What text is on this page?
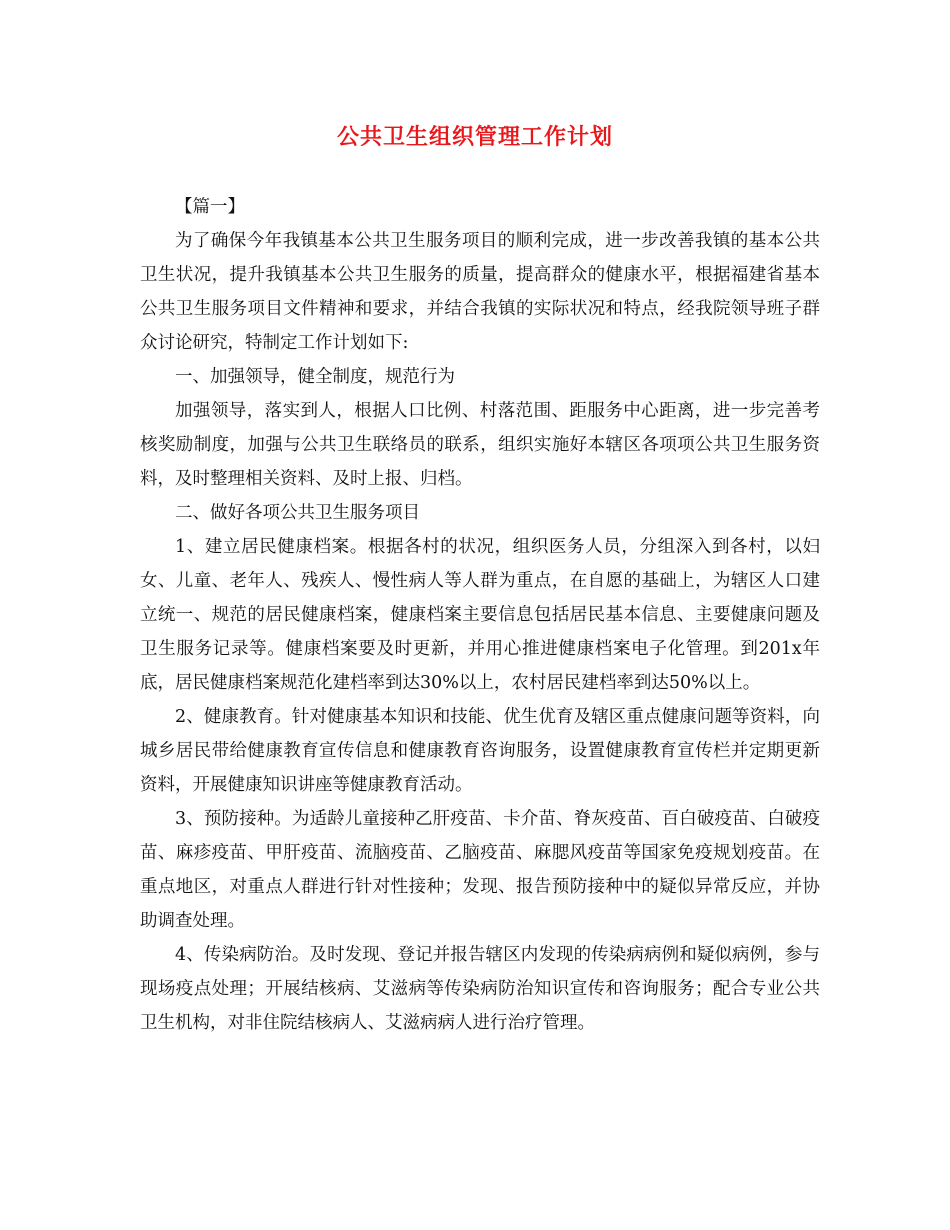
公共卫生组织管理工作计划

【篇一】

为了确保今年我镇基本公共卫生服务项目的顺利完成，进一步改善我镇的基本公共卫生状况，提升我镇基本公共卫生服务的质量，提高群众的健康水平，根据福建省基本公共卫生服务项目文件精神和要求，并结合我镇的实际状况和特点，经我院领导班子群众讨论研究，特制定工作计划如下:

一、加强领导，健全制度，规范行为

加强领导，落实到人，根据人口比例、村落范围、距服务中心距离，进一步完善考核奖励制度，加强与公共卫生联络员的联系，组织实施好本辖区各项项公共卫生服务资料，及时整理相关资料、及时上报、归档。

二、做好各项公共卫生服务项目

1、建立居民健康档案。根据各村的状况，组织医务人员，分组深入到各村，以妇女、儿童、老年人、残疾人、慢性病人等人群为重点，在自愿的基础上，为辖区人口建立统一、规范的居民健康档案，健康档案主要信息包括居民基本信息、主要健康问题及卫生服务记录等。健康档案要及时更新，并用心推进健康档案电子化管理。到201x年底，居民健康档案规范化建档率到达30%以上，农村居民建档率到达50%以上。

2、健康教育。针对健康基本知识和技能、优生优育及辖区重点健康问题等资料，向城乡居民带给健康教育宣传信息和健康教育咨询服务，设置健康教育宣传栏并定期更新资料，开展健康知识讲座等健康教育活动。

3、预防接种。为适龄儿童接种乙肝疫苗、卡介苗、脊灰疫苗、百白破疫苗、白破疫苗、麻疹疫苗、甲肝疫苗、流脑疫苗、乙脑疫苗、麻腮风疫苗等国家免疫规划疫苗。在重点地区，对重点人群进行针对性接种；发现、报告预防接种中的疑似异常反应，并协助调查处理。

4、传染病防治。及时发现、登记并报告辖区内发现的传染病病例和疑似病例，参与现场疫点处理；开展结核病、艾滋病等传染病防治知识宣传和咨询服务；配合专业公共卫生机构，对非住院结核病人、艾滋病病人进行治疗管理。
